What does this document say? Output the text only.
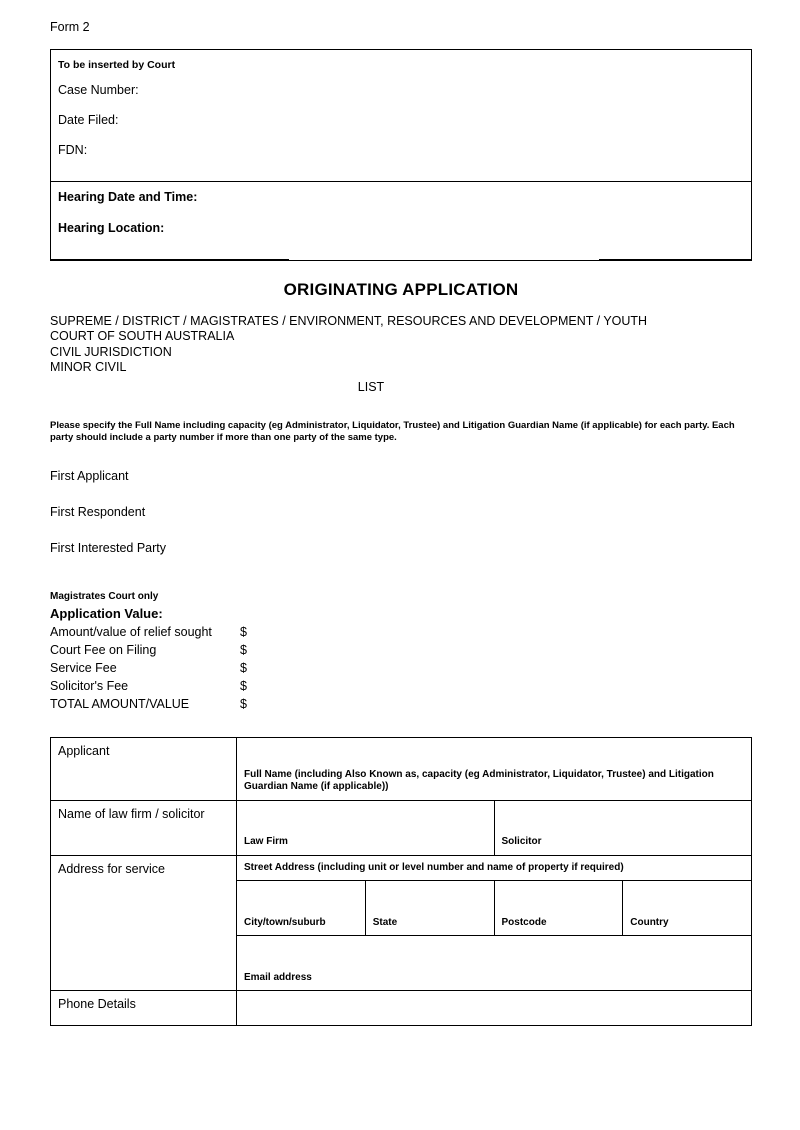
Form 2
To be inserted by Court
Case Number:
Date Filed:
FDN:
Hearing Date and Time:
Hearing Location:
ORIGINATING APPLICATION
SUPREME / DISTRICT / MAGISTRATES / ENVIRONMENT, RESOURCES AND DEVELOPMENT / YOUTH
COURT OF SOUTH AUSTRALIA
CIVIL JURISDICTION
MINOR CIVIL
LIST
Please specify the Full Name including capacity (eg Administrator, Liquidator, Trustee) and Litigation Guardian Name (if applicable) for each party. Each party should include a party number if more than one party of the same type.
First Applicant
First Respondent
First Interested Party
Magistrates Court only
Application Value:
Amount/value of relief sought	$	
Court Fee on Filing	$	
Service Fee	$	
Solicitor's Fee	$	
TOTAL AMOUNT/VALUE	$	
Applicant	Full Name (including Also Known as, capacity (eg Administrator, Liquidator, Trustee) and Litigation Guardian Name (if applicable))			
Name of law firm / solicitor	Law Firm		Solicitor	
Address for service	Street Address (including unit or level number and name of property if required)			
	City/town/suburb	State	Postcode	Country
	Email address			
Phone Details				
